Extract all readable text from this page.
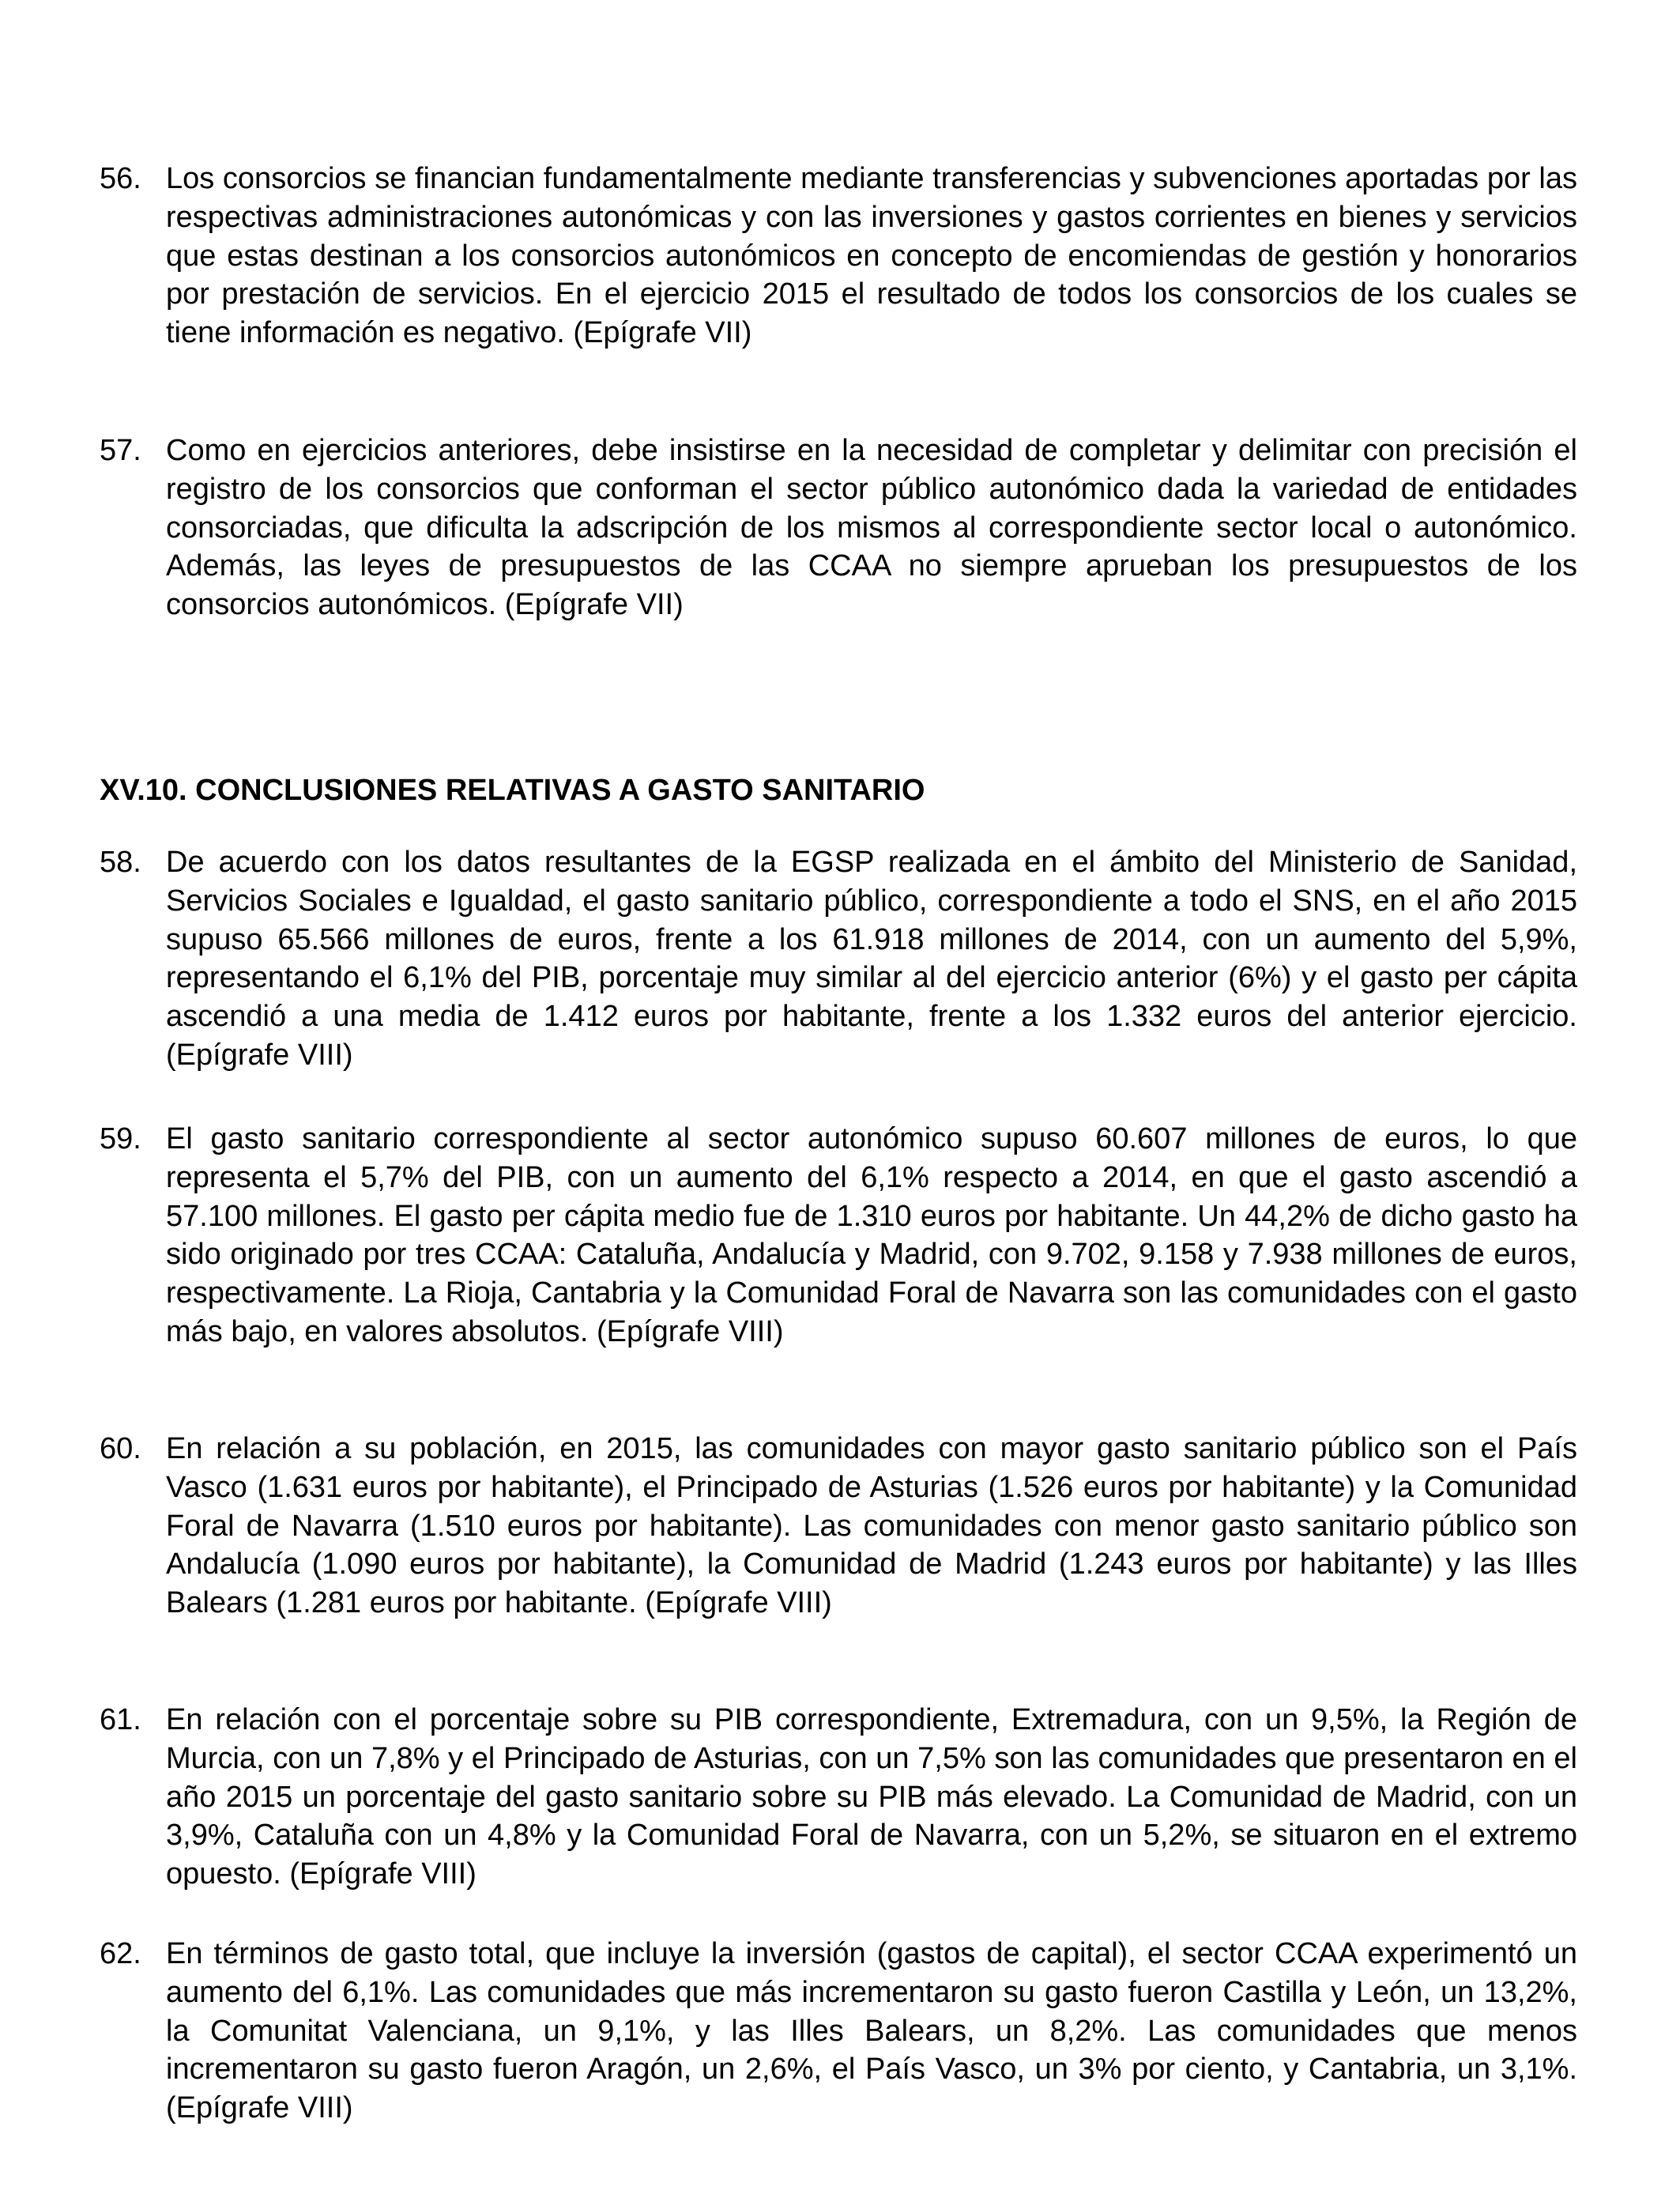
56. Los consorcios se financian fundamentalmente mediante transferencias y subvenciones aportadas por las respectivas administraciones autonómicas y con las inversiones y gastos corrientes en bienes y servicios que estas destinan a los consorcios autonómicos en concepto de encomiendas de gestión y honorarios por prestación de servicios. En el ejercicio 2015 el resultado de todos los consorcios de los cuales se tiene información es negativo. (Epígrafe VII)
57. Como en ejercicios anteriores, debe insistirse en la necesidad de completar y delimitar con precisión el registro de los consorcios que conforman el sector público autonómico dada la variedad de entidades consorciadas, que dificulta la adscripción de los mismos al correspondiente sector local o autonómico. Además, las leyes de presupuestos de las CCAA no siempre aprueban los presupuestos de los consorcios autonómicos. (Epígrafe VII)
XV.10. CONCLUSIONES RELATIVAS A GASTO SANITARIO
58. De acuerdo con los datos resultantes de la EGSP realizada en el ámbito del Ministerio de Sanidad, Servicios Sociales e Igualdad, el gasto sanitario público, correspondiente a todo el SNS, en el año 2015 supuso 65.566 millones de euros, frente a los 61.918 millones de 2014, con un aumento del 5,9%, representando el 6,1% del PIB, porcentaje muy similar al del ejercicio anterior (6%) y el gasto per cápita ascendió a una media de 1.412 euros por habitante, frente a los 1.332 euros del anterior ejercicio. (Epígrafe VIII)
59. El gasto sanitario correspondiente al sector autonómico supuso 60.607 millones de euros, lo que representa el 5,7% del PIB, con un aumento del 6,1% respecto a 2014, en que el gasto ascendió a 57.100 millones. El gasto per cápita medio fue de 1.310 euros por habitante. Un 44,2% de dicho gasto ha sido originado por tres CCAA: Cataluña, Andalucía y Madrid, con 9.702, 9.158 y 7.938 millones de euros, respectivamente. La Rioja, Cantabria y la Comunidad Foral de Navarra son las comunidades con el gasto más bajo, en valores absolutos. (Epígrafe VIII)
60. En relación a su población, en 2015, las comunidades con mayor gasto sanitario público son el País Vasco (1.631 euros por habitante), el Principado de Asturias (1.526 euros por habitante) y la Comunidad Foral de Navarra (1.510 euros por habitante). Las comunidades con menor gasto sanitario público son Andalucía (1.090 euros por habitante), la Comunidad de Madrid (1.243 euros por habitante) y las Illes Balears (1.281 euros por habitante. (Epígrafe VIII)
61. En relación con el porcentaje sobre su PIB correspondiente, Extremadura, con un 9,5%, la Región de Murcia, con un 7,8% y el Principado de Asturias, con un 7,5% son las comunidades que presentaron en el año 2015 un porcentaje del gasto sanitario sobre su PIB más elevado. La Comunidad de Madrid, con un 3,9%, Cataluña con un 4,8% y la Comunidad Foral de Navarra, con un 5,2%, se situaron en el extremo opuesto. (Epígrafe VIII)
62. En términos de gasto total, que incluye la inversión (gastos de capital), el sector CCAA experimentó un aumento del 6,1%. Las comunidades que más incrementaron su gasto fueron Castilla y León, un 13,2%, la Comunitat Valenciana, un 9,1%, y las Illes Balears, un 8,2%. Las comunidades que menos incrementaron su gasto fueron Aragón, un 2,6%, el País Vasco, un 3% por ciento, y Cantabria, un 3,1%. (Epígrafe VIII)
